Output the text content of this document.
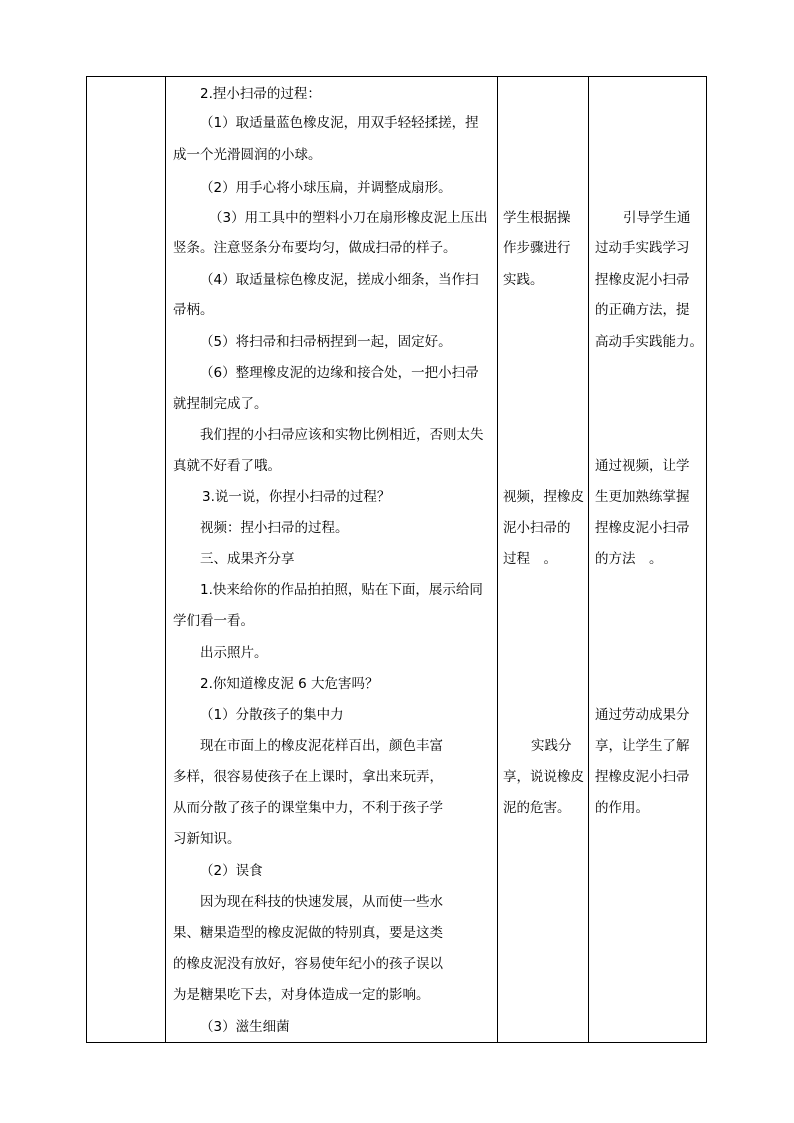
2.捏小扫帚的过程：
（1）取适量蓝色橡皮泥，用双手轻轻揉搓，捏
成一个光滑圆润的小球。
（2）用手心将小球压扁，并调整成扇形。
（3）用工具中的塑料小刀在扇形橡皮泥上压出
竖条。注意竖条分布要均匀，做成扫帚的样子。
（4）取适量棕色橡皮泥，搓成小细条，当作扫
帚柄。
（5）将扫帚和扫帚柄捏到一起，固定好。
（6）整理橡皮泥的边缘和接合处，一把小扫帚
就捏制完成了。
我们捏的小扫帚应该和实物比例相近，否则太失
真就不好看了哦。
3.说一说，你捏小扫帚的过程？
视频：捏小扫帚的过程。
三、成果齐分享
1.快来给你的作品拍拍照，贴在下面，展示给同
学们看一看。
出示照片。
2.你知道橡皮泥 6 大危害吗？
（1）分散孩子的集中力
现在市面上的橡皮泥花样百出，颜色丰富
多样，很容易使孩子在上课时，拿出来玩弄，
从而分散了孩子的课堂集中力，不利于孩子学
习新知识。
（2）误食
因为现在科技的快速发展，从而使一些水
果、糖果造型的橡皮泥做的特别真，要是这类
的橡皮泥没有放好，容易使年纪小的孩子误以
为是糖果吃下去，对身体造成一定的影响。
（3）滋生细菌
学生根据操
作步骤进行
实践。
视频，捏橡皮
泥小扫帚的
过程　。
实践分
享，说说橡皮
泥的危害。
引导学生通
过动手实践学习
捏橡皮泥小扫帚
的正确方法，提
高动手实践能力。
通过视频，让学
生更加熟练掌握
捏橡皮泥小扫帚
的方法　。
通过劳动成果分
享，让学生了解
捏橡皮泥小扫帚
的作用。
